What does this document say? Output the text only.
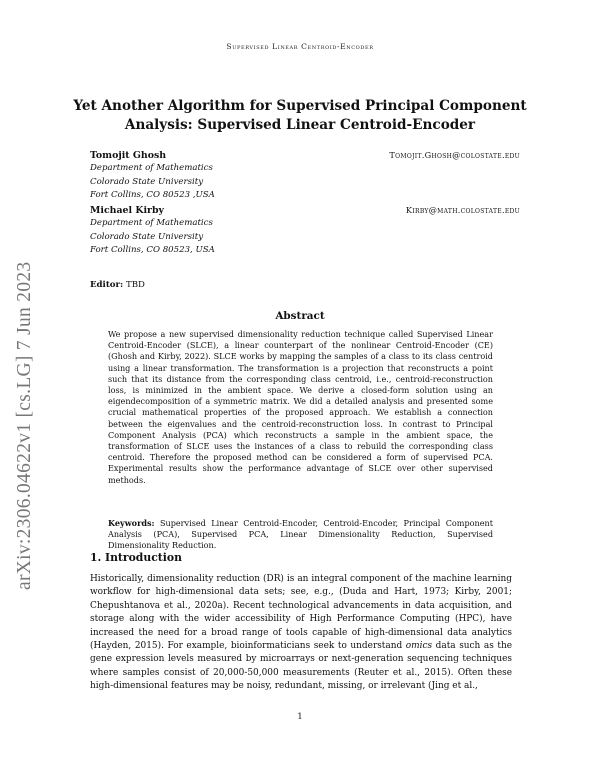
Supervised Linear Centroid-Encoder
Yet Another Algorithm for Supervised Principal Component
Analysis: Supervised Linear Centroid-Encoder
Tomojit Ghosh	Tomojit.Ghosh@colostate.edu
Department of Mathematics
Colorado State University
Fort Collins, CO 80523 ,USA
Michael Kirby	Kirby@math.colostate.edu
Department of Mathematics
Colorado State University
Fort Collins, CO 80523, USA
Editor: TBD
Abstract
We propose a new supervised dimensionality reduction technique called Supervised Linear Centroid-Encoder (SLCE), a linear counterpart of the nonlinear Centroid-Encoder (CE) (Ghosh and Kirby, 2022). SLCE works by mapping the samples of a class to its class centroid using a linear transformation. The transformation is a projection that reconstructs a point such that its distance from the corresponding class centroid, i.e., centroid-reconstruction loss, is minimized in the ambient space. We derive a closed-form solution using an eigendecomposition of a symmetric matrix. We did a detailed analysis and presented some crucial mathematical properties of the proposed approach. We establish a connection between the eigenvalues and the centroid-reconstruction loss. In contrast to Principal Component Analysis (PCA) which reconstructs a sample in the ambient space, the transformation of SLCE uses the instances of a class to rebuild the corresponding class centroid. Therefore the proposed method can be considered a form of supervised PCA. Experimental results show the performance advantage of SLCE over other supervised methods.
Keywords: Supervised Linear Centroid-Encoder, Centroid-Encoder, Principal Component Analysis (PCA), Supervised PCA, Linear Dimensionality Reduction, Supervised Dimensionality Reduction.
1. Introduction
Historically, dimensionality reduction (DR) is an integral component of the machine learning workflow for high-dimensional data sets; see, e.g., (Duda and Hart, 1973; Kirby, 2001; Chepushtanova et al., 2020a). Recent technological advancements in data acquisition, and storage along with the wider accessibility of High Performance Computing (HPC), have increased the need for a broad range of tools capable of high-dimensional data analytics (Hayden, 2015). For example, bioinformaticians seek to understand omics data such as the gene expression levels measured by microarrays or next-generation sequencing techniques where samples consist of 20,000-50,000 measurements (Reuter et al., 2015). Often these high-dimensional features may be noisy, redundant, missing, or irrelevant (Jing et al.,
1
arXiv:2306.04622v1 [cs.LG] 7 Jun 2023
